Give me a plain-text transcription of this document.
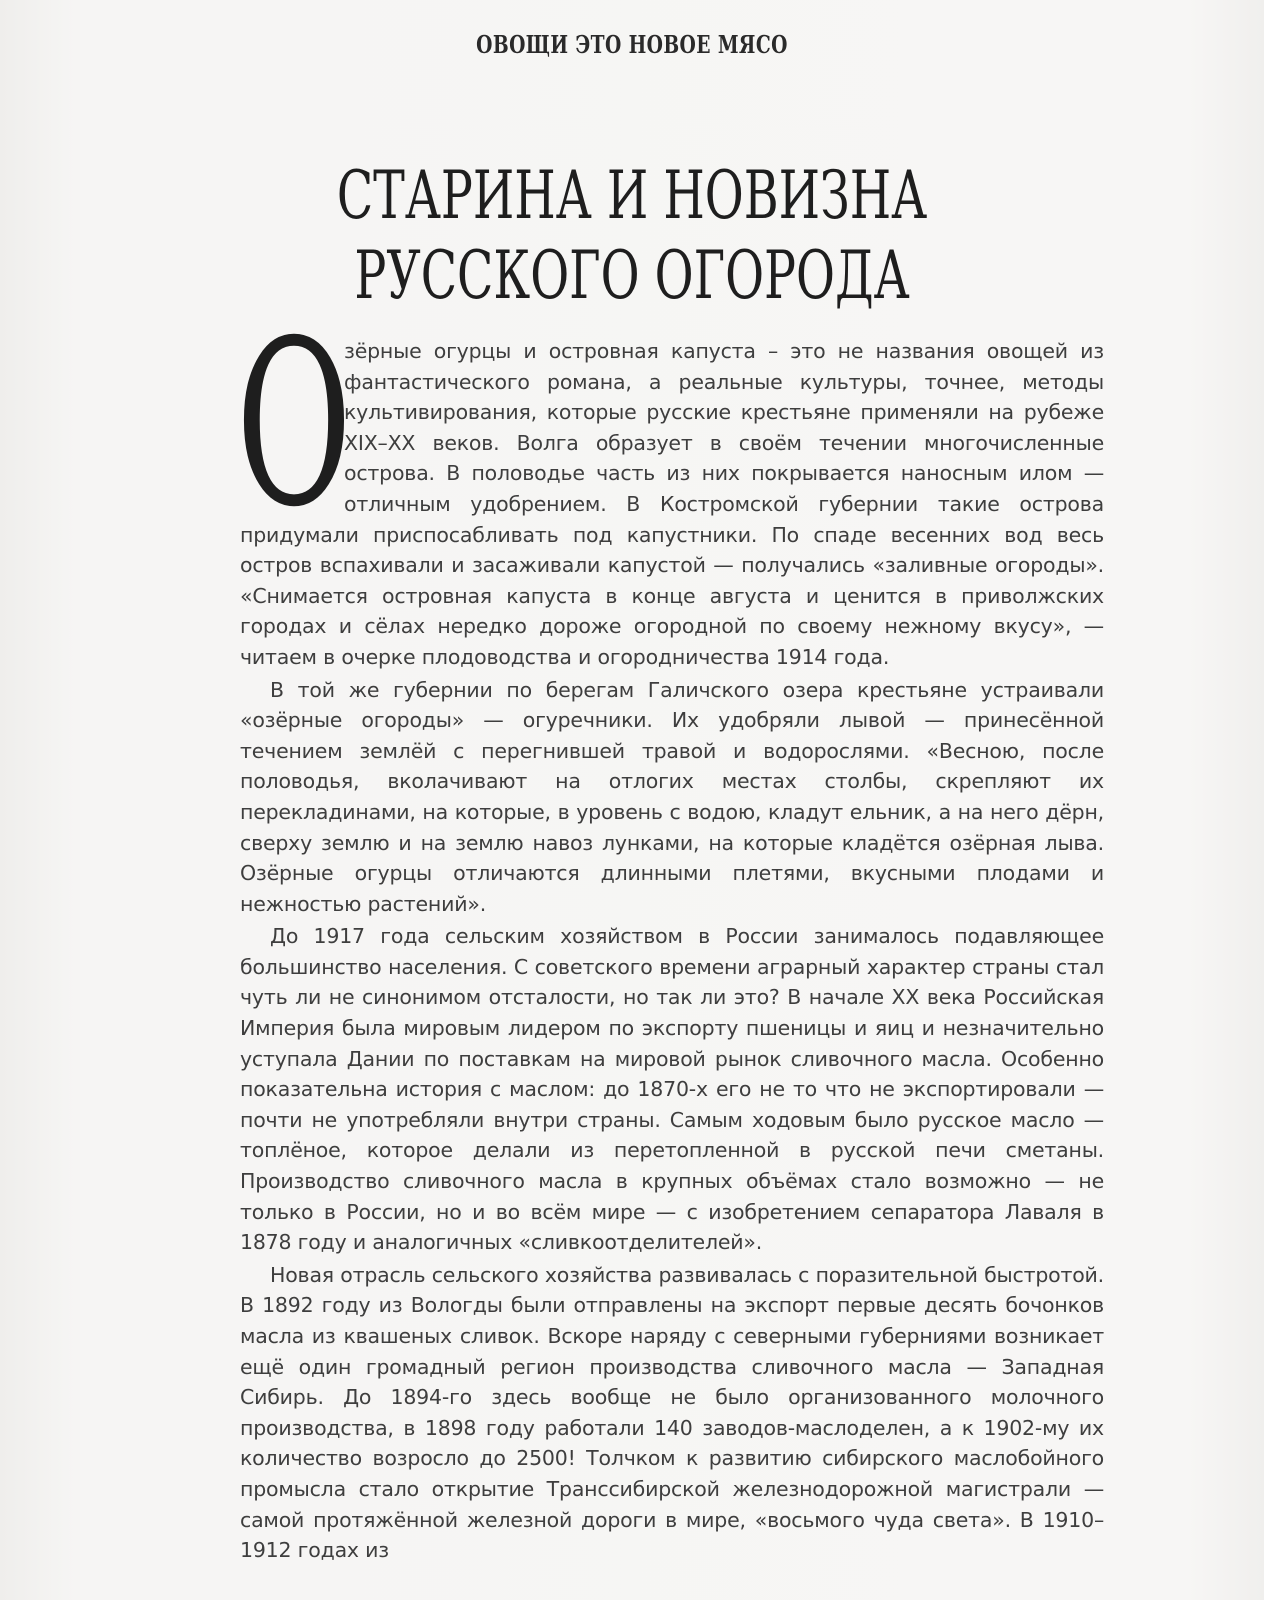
ОВОЩИ ЭТО НОВОЕ МЯСО
СТАРИНА И НОВИЗНА
РУССКОГО ОГОРОДА

О
зёрные огурцы и островная капуста – это не названия овощей из фантастического романа, а реальные культуры, точнее, методы культивирования, которые русские крестьяне применяли на рубеже XIX–XX веков. Волга образует в своём течении многочисленные острова. В половодье часть из них покрывается наносным илом — отличным удобрением. В Костромской губернии такие острова придумали приспосабливать под капустники. По спаде весенних вод весь остров вспахивали и засаживали капустой — получались «заливные огороды». «Снимается островная капуста в конце августа и ценится в приволжских городах и сёлах нередко дороже огородной по своему нежному вкусу», — читаем в очерке плодоводства и огородничества 1914 года.

В той же губернии по берегам Галичского озера крестьяне устраивали «озёрные огороды» — огуречники. Их удобряли лывой — принесённой течением землёй с перегнившей травой и водорослями. «Весною, после половодья, вколачивают на отлогих местах столбы, скрепляют их перекладинами, на которые, в уровень с водою, кладут ельник, а на него дёрн, сверху землю и на землю навоз лунками, на которые кладётся озёрная лыва. Озёрные огурцы отличаются длинными плетями, вкусными плодами и нежностью растений».

До 1917 года сельским хозяйством в России занималось подавляющее большинство населения. С советского времени аграрный характер страны стал чуть ли не синонимом отсталости, но так ли это? В начале XX века Российская Империя была мировым лидером по экспорту пшеницы и яиц и незначительно уступала Дании по поставкам на мировой рынок сливочного масла. Особенно показательна история с маслом: до 1870-х его не то что не экспортировали — почти не употребляли внутри страны. Самым ходовым было русское масло — топлёное, которое делали из перетопленной в русской печи сметаны. Производство сливочного масла в крупных объёмах стало возможно — не только в России, но и во всём мире — с изобретением сепаратора Лаваля в 1878 году и аналогичных «сливкоотделителей».

Новая отрасль сельского хозяйства развивалась с поразительной быстротой. В 1892 году из Вологды были отправлены на экспорт первые десять бочонков масла из квашеных сливок. Вскоре наряду с северными губерниями возникает ещё один громадный регион производства сливочного масла — Западная Сибирь. До 1894-го здесь вообще не было организованного молочного производства, в 1898 году работали 140 заводов-маслоделен, а к 1902-му их количество возросло до 2500! Толчком к развитию сибирского маслобойного промысла стало открытие Транссибирской железнодорожной магистрали — самой протяжённой железной дороги в мире, «восьмого чуда света». В 1910–1912 годах из
